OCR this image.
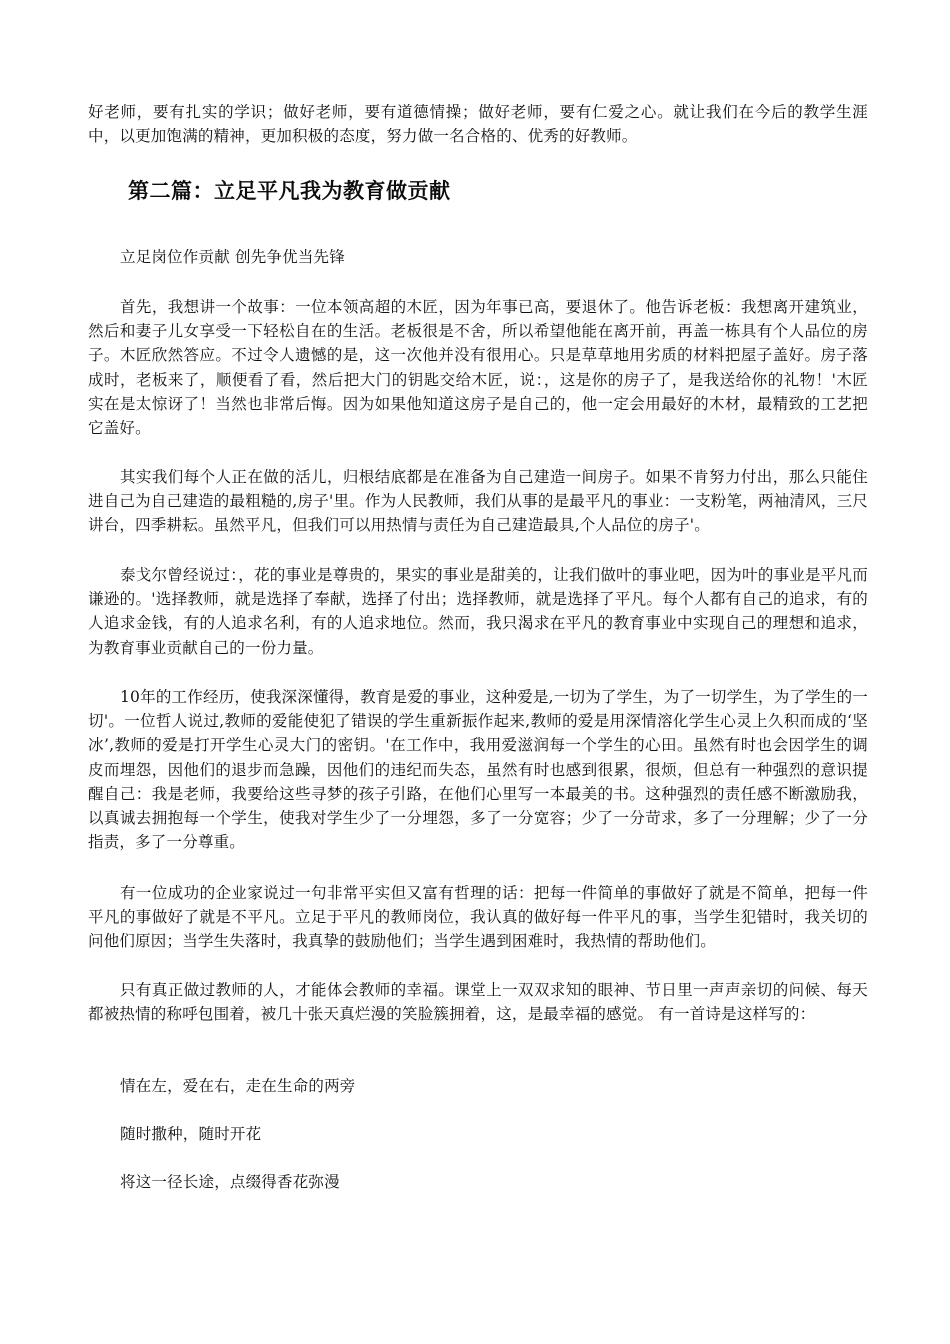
好老师，要有扎实的学识；做好老师，要有道德情操；做好老师，要有仁爱之心。就让我们在今后的教学生涯中，以更加饱满的精神，更加积极的态度，努力做一名合格的、优秀的好教师。
第二篇：立足平凡我为教育做贡献
立足岗位作贡献 创先争优当先锋
首先，我想讲一个故事：一位本领高超的木匠，因为年事已高，要退休了。他告诉老板：我想离开建筑业，然后和妻子儿女享受一下轻松自在的生活。老板很是不舍，所以希望他能在离开前，再盖一栋具有个人品位的房子。木匠欣然答应。不过令人遗憾的是，这一次他并没有很用心。只是草草地用劣质的材料把屋子盖好。房子落成时，老板来了，顺便看了看，然后把大门的钥匙交给木匠，说：，这是你的房子了，是我送给你的礼物！'木匠实在是太惊讶了！当然也非常后悔。因为如果他知道这房子是自己的，他一定会用最好的木材，最精致的工艺把它盖好。
其实我们每个人正在做的活儿，归根结底都是在准备为自己建造一间房子。如果不肯努力付出，那么只能住进自己为自己建造的最粗糙的,房子'里。作为人民教师，我们从事的是最平凡的事业：一支粉笔，两袖清风，三尺讲台，四季耕耘。虽然平凡，但我们可以用热情与责任为自己建造最具,个人品位的房子'。
泰戈尔曾经说过：，花的事业是尊贵的，果实的事业是甜美的，让我们做叶的事业吧，因为叶的事业是平凡而谦逊的。'选择教师，就是选择了奉献，选择了付出；选择教师，就是选择了平凡。每个人都有自己的追求，有的人追求金钱，有的人追求名利，有的人追求地位。然而，我只渴求在平凡的教育事业中实现自己的理想和追求，为教育事业贡献自己的一份力量。
10年的工作经历，使我深深懂得，教育是爱的事业，这种爱是,一切为了学生，为了一切学生，为了学生的一切'。一位哲人说过,教师的爱能使犯了错误的学生重新振作起来,教师的爱是用深情溶化学生心灵上久积而成的‘坚冰’,教师的爱是打开学生心灵大门的密钥。'在工作中，我用爱滋润每一个学生的心田。虽然有时也会因学生的调皮而埋怨，因他们的退步而急躁，因他们的违纪而失态，虽然有时也感到很累，很烦，但总有一种强烈的意识提醒自己：我是老师，我要给这些寻梦的孩子引路，在他们心里写一本最美的书。这种强烈的责任感不断激励我，以真诚去拥抱每一个学生，使我对学生少了一分埋怨，多了一分宽容；少了一分苛求，多了一分理解；少了一分指责，多了一分尊重。
有一位成功的企业家说过一句非常平实但又富有哲理的话：把每一件简单的事做好了就是不简单，把每一件平凡的事做好了就是不平凡。立足于平凡的教师岗位，我认真的做好每一件平凡的事，当学生犯错时，我关切的问他们原因；当学生失落时，我真挚的鼓励他们；当学生遇到困难时，我热情的帮助他们。
只有真正做过教师的人，才能体会教师的幸福。课堂上一双双求知的眼神、节日里一声声亲切的问候、每天都被热情的称呼包围着，被几十张天真烂漫的笑脸簇拥着，这，是最幸福的感觉。 有一首诗是这样写的：
情在左，爱在右，走在生命的两旁
随时撒种，随时开花
将这一径长途，点缀得香花弥漫
